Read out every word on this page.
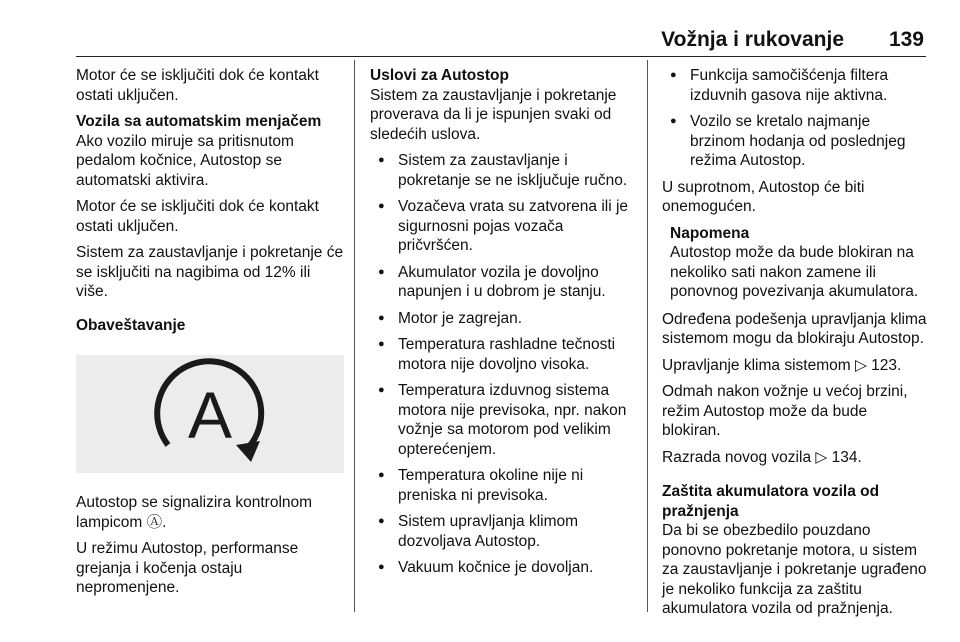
Vožnja i rukovanje 139

Motor će se isključiti dok će kontakt ostati uključen.

Vozila sa automatskim menjačem

Ako vozilo miruje sa pritisnutom pedalom kočnice, Autostop se automatski aktivira.

Motor će se isključiti dok će kontakt ostati uključen.

Sistem za zaustavljanje i pokretanje će se isključiti na nagibima od 12% ili više.

Obaveštavanje

A

Autostop se signalizira kontrolnom lampicom Ⓐ.

U režimu Autostop, performanse grejanja i kočenja ostaju nepromenjene.

Uslovi za Autostop

Sistem za zaustavljanje i pokretanje proverava da li je ispunjen svaki od sledećih uslova.

● Sistem za zaustavljanje i pokretanje se ne isključuje ručno.
● Vozačeva vrata su zatvorena ili je sigurnosni pojas vozača pričvršćen.
● Akumulator vozila je dovoljno napunjen i u dobrom je stanju.
● Motor je zagrejan.
● Temperatura rashladne tečnosti motora nije dovoljno visoka.
● Temperatura izduvnog sistema motora nije previsoka, npr. nakon vožnje sa motorom pod velikim opterećenjem.
● Temperatura okoline nije ni preniska ni previsoka.
● Sistem upravljanja klimom dozvoljava Autostop.
● Vakuum kočnice je dovoljan.
● Funkcija samočišćenja filtera izduvnih gasova nije aktivna.
● Vozilo se kretalo najmanje brzinom hodanja od poslednjeg režima Autostop.

U suprotnom, Autostop će biti onemogućen.

Napomena
Autostop može da bude blokiran na nekoliko sati nakon zamene ili ponovnog povezivanja akumulatora.

Određena podešenja upravljanja klima sistemom mogu da blokiraju Autostop.

Upravljanje klima sistemom ▷ 123.

Odmah nakon vožnje u većoj brzini, režim Autostop može da bude blokiran.

Razrada novog vozila ▷ 134.

Zaštita akumulatora vozila od pražnjenja

Da bi se obezbedilo pouzdano ponovno pokretanje motora, u sistem za zaustavljanje i pokretanje ugrađeno je nekoliko funkcija za zaštitu akumulatora vozila od pražnjenja.
